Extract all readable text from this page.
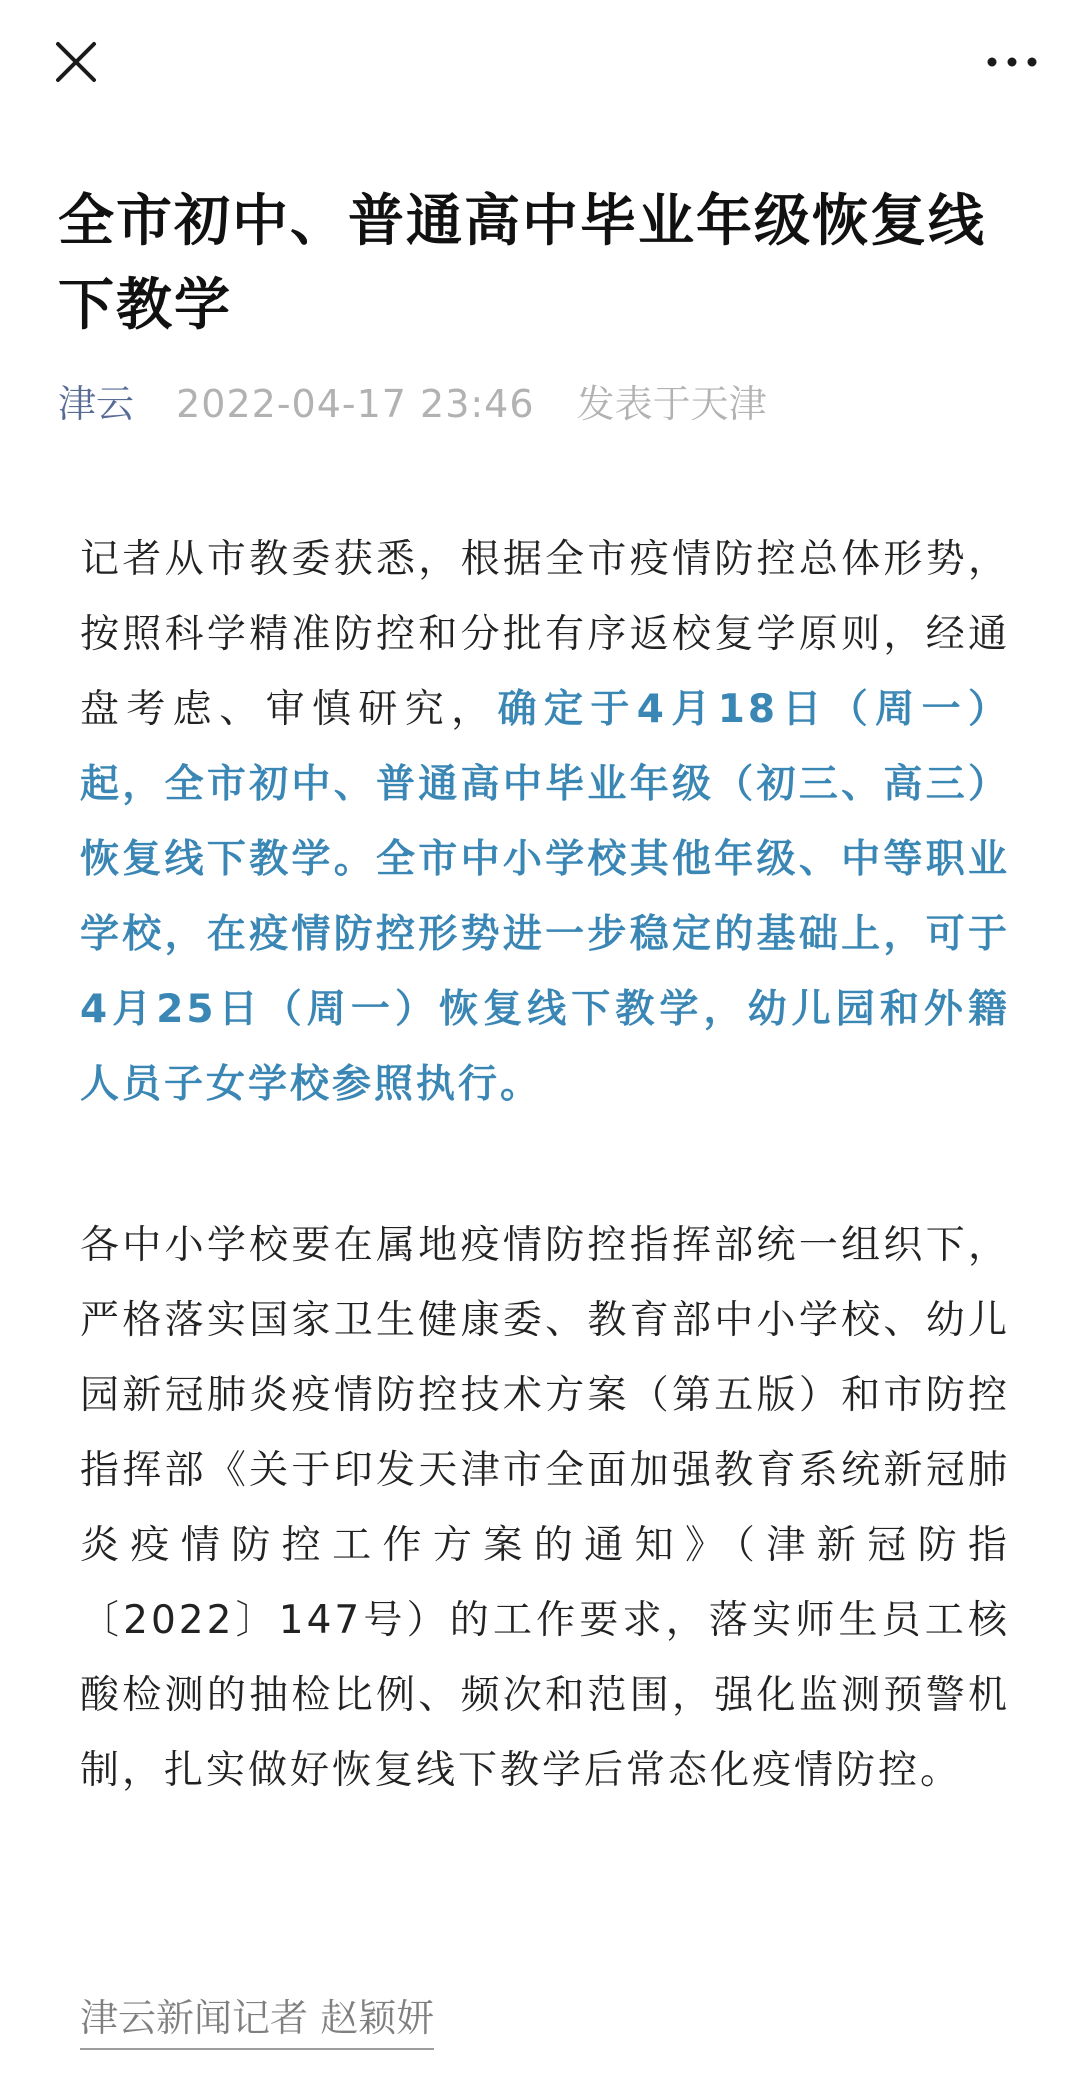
全市初中、普通高中毕业年级恢复线下教学
津云 2022-04-17 23:46 发表于天津

记者从市教委获悉，根据全市疫情防控总体形势，按照科学精准防控和分批有序返校复学原则，经通盘考虑、审慎研究，确定于4月18日（周一）起，全市初中、普通高中毕业年级（初三、高三）恢复线下教学。全市中小学校其他年级、中等职业学校，在疫情防控形势进一步稳定的基础上，可于4月25日（周一）恢复线下教学，幼儿园和外籍人员子女学校参照执行。

各中小学校要在属地疫情防控指挥部统一组织下，严格落实国家卫生健康委、教育部中小学校、幼儿园新冠肺炎疫情防控技术方案（第五版）和市防控指挥部《关于印发天津市全面加强教育系统新冠肺炎疫情防控工作方案的通知》（津新冠防指〔2022〕147号）的工作要求，落实师生员工核酸检测的抽检比例、频次和范围，强化监测预警机制，扎实做好恢复线下教学后常态化疫情防控。

津云新闻记者 赵颖妍
